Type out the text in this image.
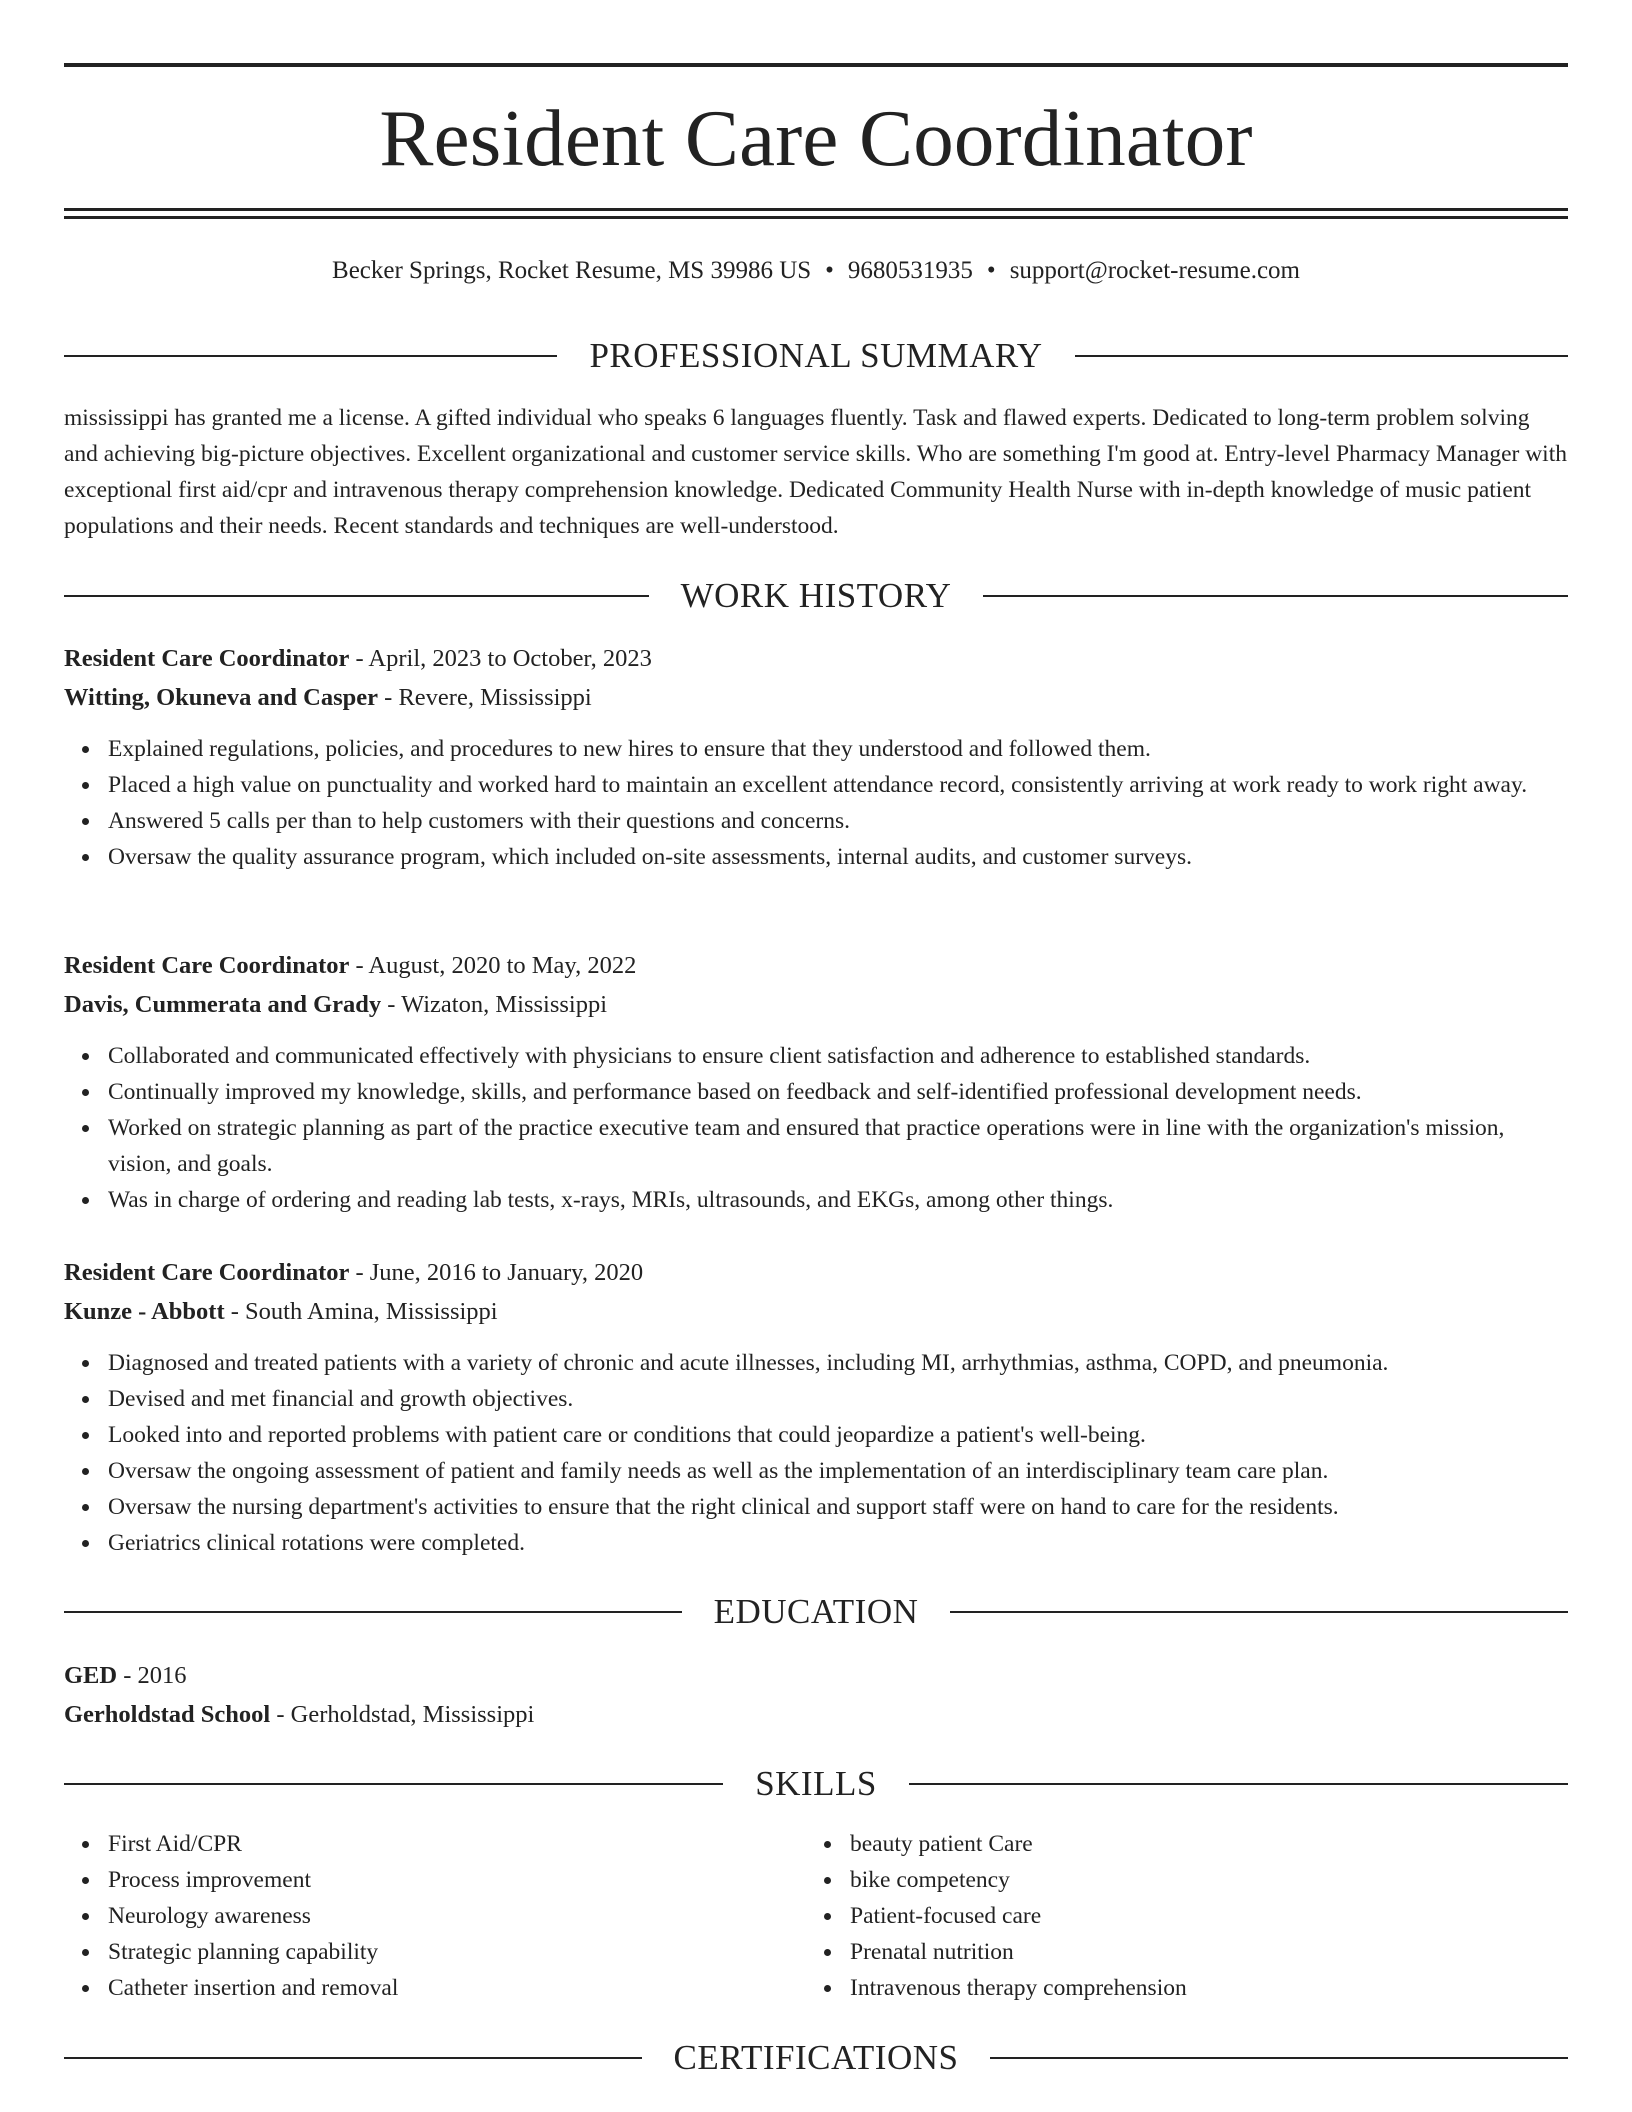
Resident Care Coordinator
Becker Springs, Rocket Resume, MS 39986 US • 9680531935 • support@rocket-resume.com
PROFESSIONAL SUMMARY

mississippi has granted me a license. A gifted individual who speaks 6 languages fluently. Task and flawed experts. Dedicated to long-term problem solving and achieving big-picture objectives. Excellent organizational and customer service skills. Who are something I'm good at. Entry-level Pharmacy Manager with exceptional first aid/cpr and intravenous therapy comprehension knowledge. Dedicated Community Health Nurse with in-depth knowledge of music patient populations and their needs. Recent standards and techniques are well-understood.

WORK HISTORY
Resident Care Coordinator - April, 2023 to October, 2023
Witting, Okuneva and Casper - Revere, Mississippi
Explained regulations, policies, and procedures to new hires to ensure that they understood and followed them.
Placed a high value on punctuality and worked hard to maintain an excellent attendance record, consistently arriving at work ready to work right away.
Answered 5 calls per than to help customers with their questions and concerns.
Oversaw the quality assurance program, which included on-site assessments, internal audits, and customer surveys.
Resident Care Coordinator - August, 2020 to May, 2022
Davis, Cummerata and Grady - Wizaton, Mississippi
Collaborated and communicated effectively with physicians to ensure client satisfaction and adherence to established standards.
Continually improved my knowledge, skills, and performance based on feedback and self-identified professional development needs.
Worked on strategic planning as part of the practice executive team and ensured that practice operations were in line with the organization's mission, vision, and goals.
Was in charge of ordering and reading lab tests, x-rays, MRIs, ultrasounds, and EKGs, among other things.
Resident Care Coordinator - June, 2016 to January, 2020
Kunze - Abbott - South Amina, Mississippi
Diagnosed and treated patients with a variety of chronic and acute illnesses, including MI, arrhythmias, asthma, COPD, and pneumonia.
Devised and met financial and growth objectives.
Looked into and reported problems with patient care or conditions that could jeopardize a patient's well-being.
Oversaw the ongoing assessment of patient and family needs as well as the implementation of an interdisciplinary team care plan.
Oversaw the nursing department's activities to ensure that the right clinical and support staff were on hand to care for the residents.
Geriatrics clinical rotations were completed.
EDUCATION
GED - 2016
Gerholdstad School - Gerholdstad, Mississippi
SKILLS
First Aid/CPR
Process improvement
Neurology awareness
Strategic planning capability
Catheter insertion and removal
beauty patient Care
bike competency
Patient-focused care
Prenatal nutrition
Intravenous therapy comprehension
CERTIFICATIONS
